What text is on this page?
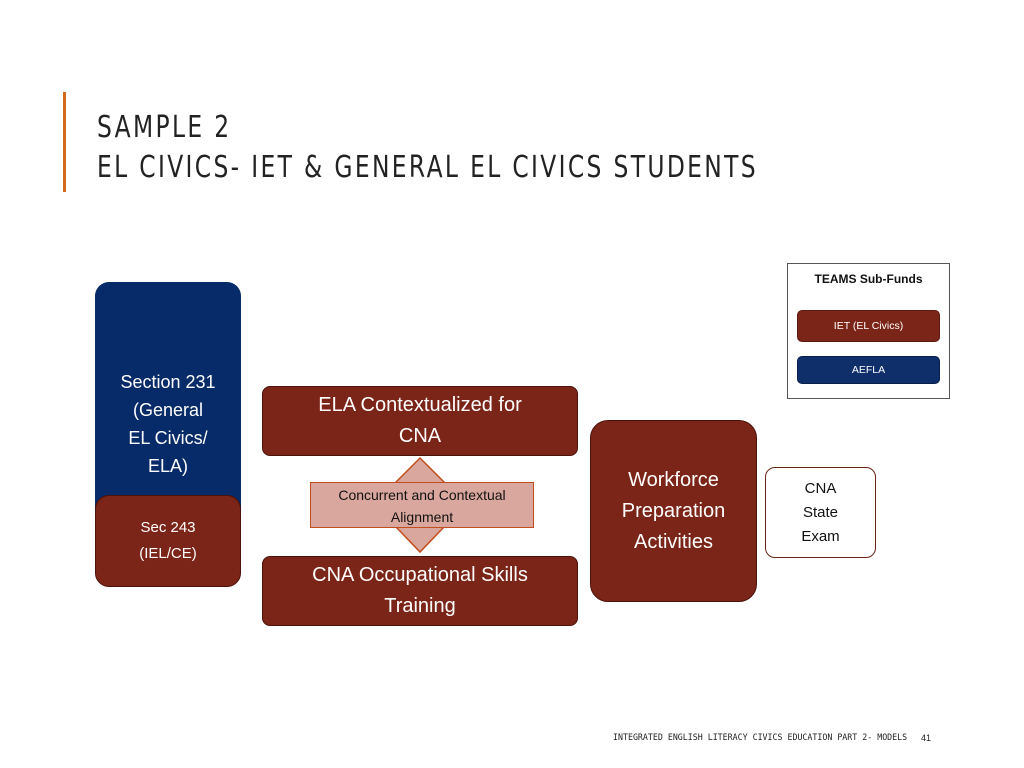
SAMPLE 2
EL CIVICS- IET & GENERAL EL CIVICS STUDENTS
TEAMS Sub-Funds
IET (EL Civics)
AEFLA
Section 231
(General
EL Civics/
ELA)
Sec 243
(IEL/CE)
ELA Contextualized for
CNA
Concurrent and Contextual
Alignment
CNA Occupational Skills
Training
Workforce
Preparation
Activities
CNA
State
Exam
INTEGRATED ENGLISH LITERACY CIVICS EDUCATION PART 2- MODELS 41
